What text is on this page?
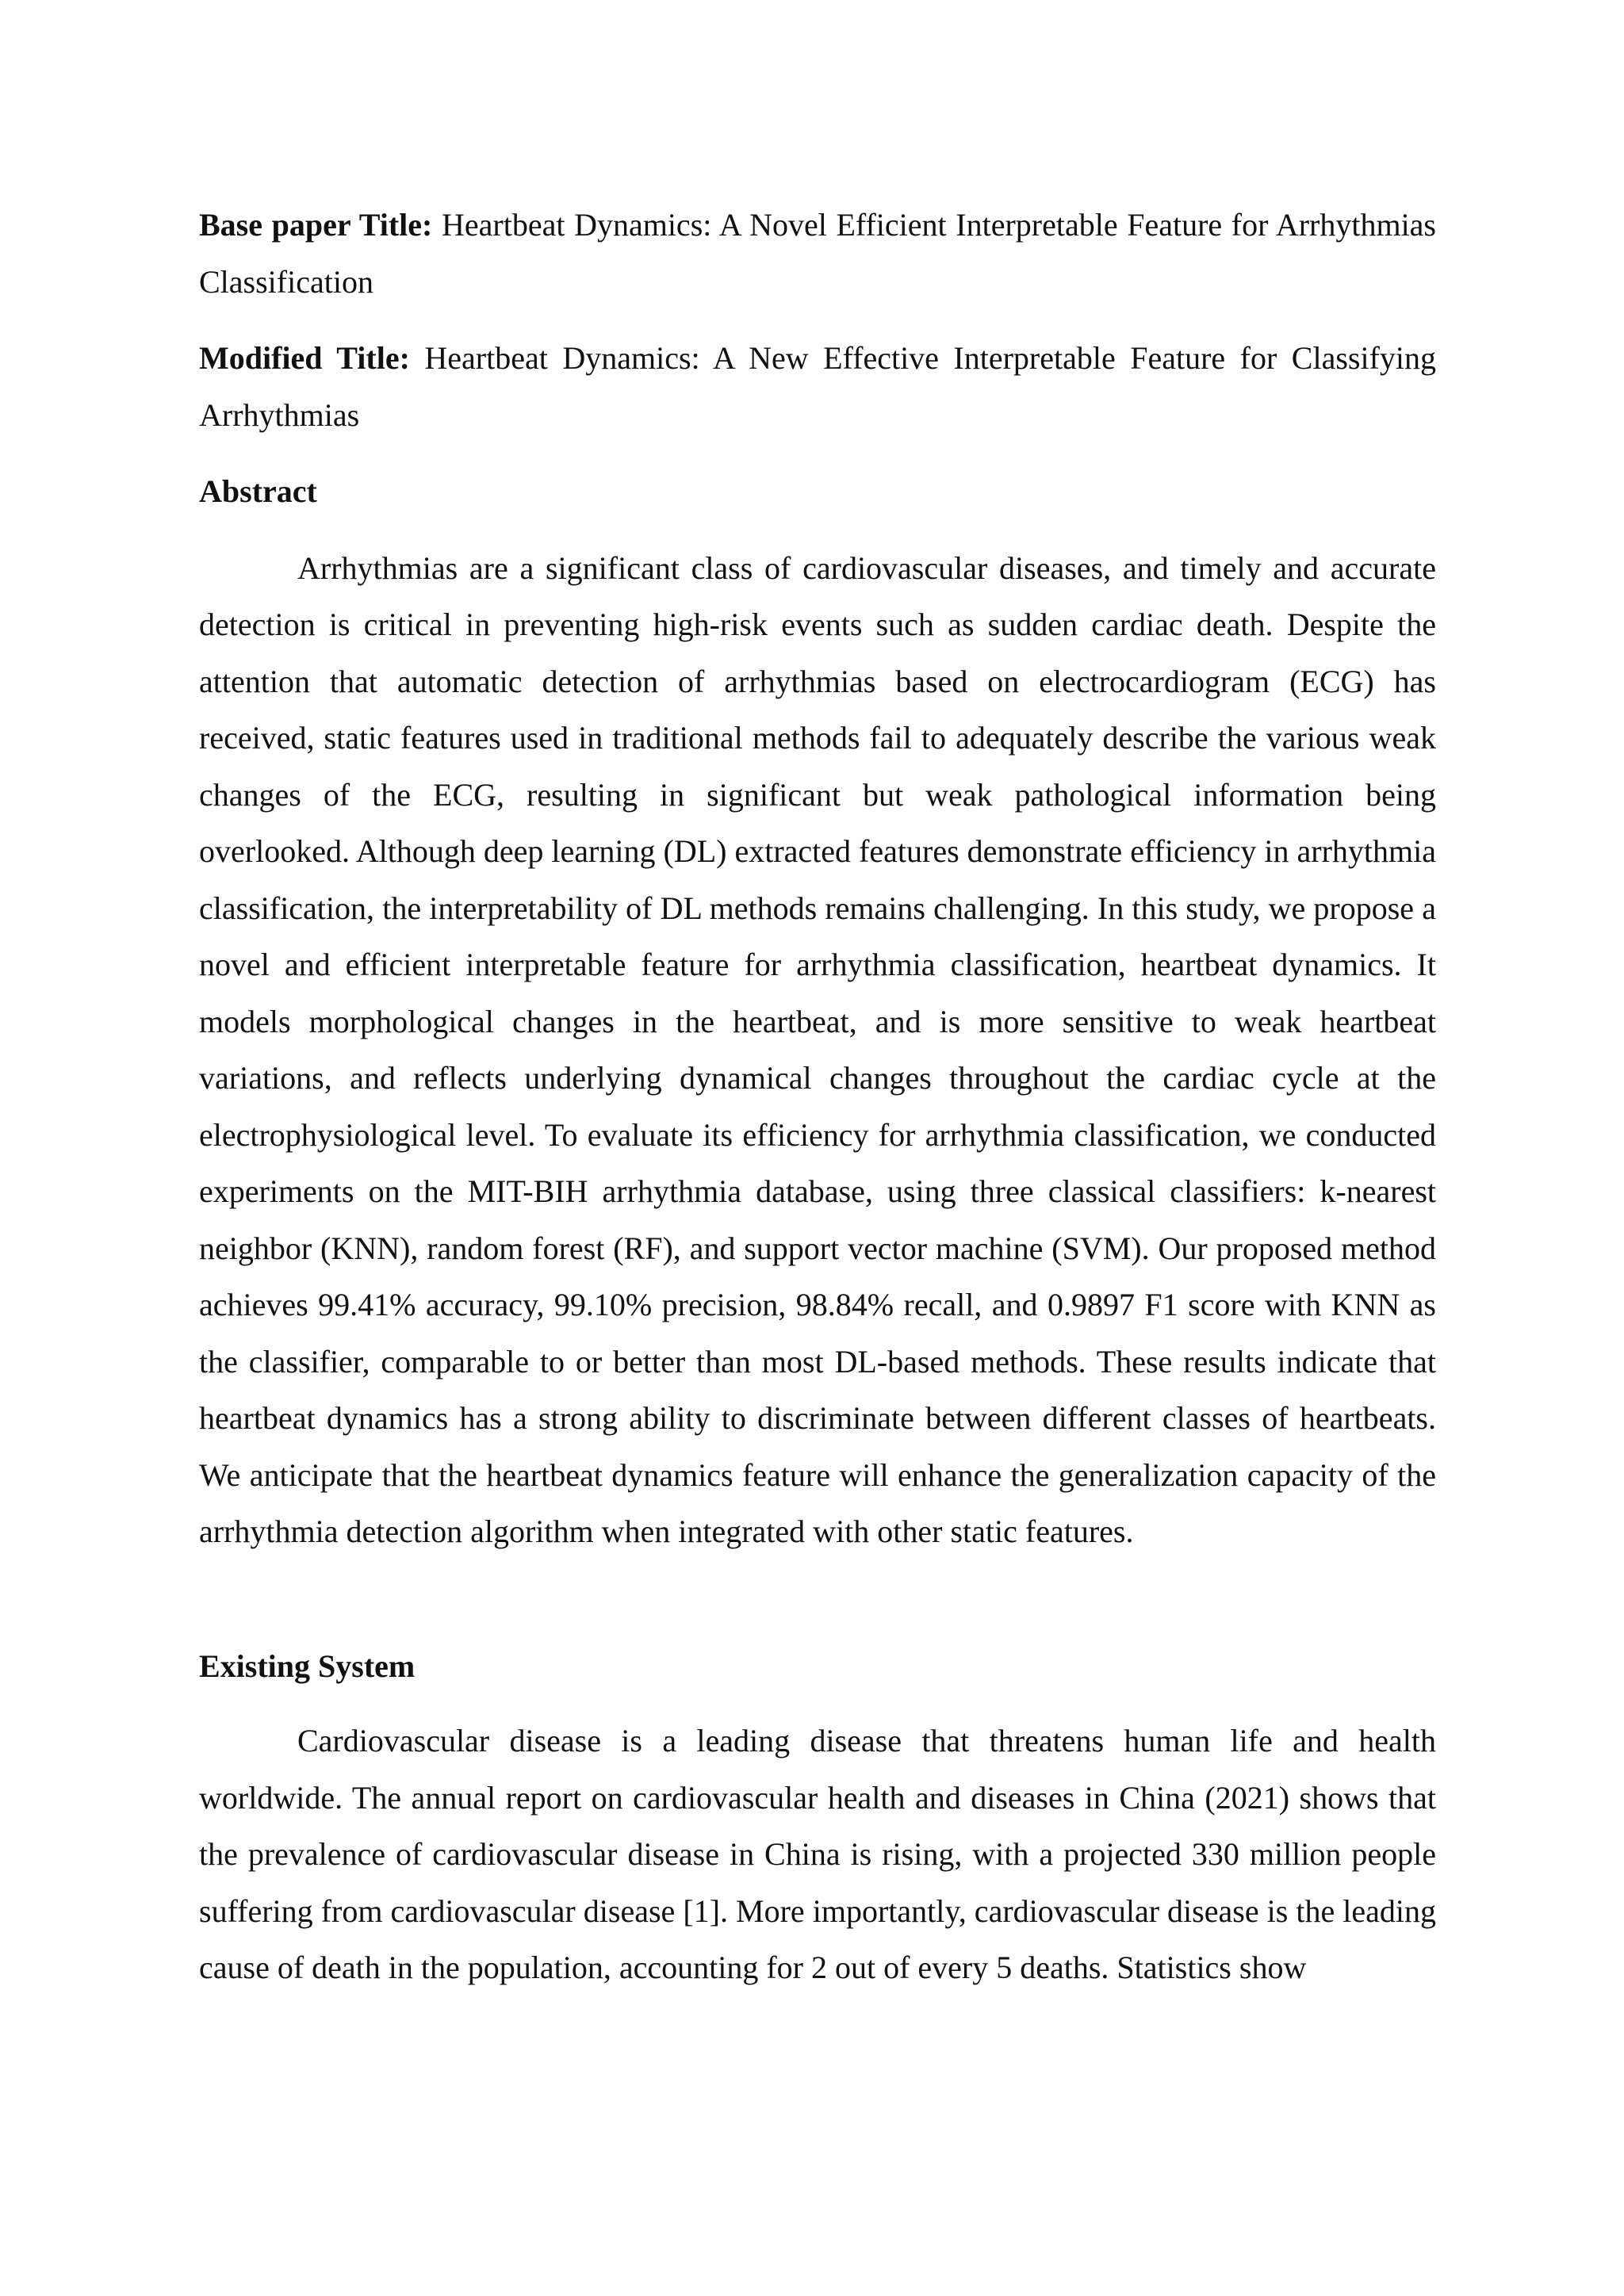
Base paper Title: Heartbeat Dynamics: A Novel Efficient Interpretable Feature for Arrhythmias Classification

Modified Title: Heartbeat Dynamics: A New Effective Interpretable Feature for Classifying Arrhythmias

Abstract

Arrhythmias are a significant class of cardiovascular diseases, and timely and accurate detection is critical in preventing high-risk events such as sudden cardiac death. Despite the attention that automatic detection of arrhythmias based on electrocardiogram (ECG) has received, static features used in traditional methods fail to adequately describe the various weak changes of the ECG, resulting in significant but weak pathological information being overlooked. Although deep learning (DL) extracted features demonstrate efficiency in arrhythmia classification, the interpretability of DL methods remains challenging. In this study, we propose a novel and efficient interpretable feature for arrhythmia classification, heartbeat dynamics. It models morphological changes in the heartbeat, and is more sensitive to weak heartbeat variations, and reflects underlying dynamical changes throughout the cardiac cycle at the electrophysiological level. To evaluate its efficiency for arrhythmia classification, we conducted experiments on the MIT-BIH arrhythmia database, using three classical classifiers: k-nearest neighbor (KNN), random forest (RF), and support vector machine (SVM). Our proposed method achieves 99.41% accuracy, 99.10% precision, 98.84% recall, and 0.9897 F1 score with KNN as the classifier, comparable to or better than most DL-based methods. These results indicate that heartbeat dynamics has a strong ability to discriminate between different classes of heartbeats. We anticipate that the heartbeat dynamics feature will enhance the generalization capacity of the arrhythmia detection algorithm when integrated with other static features.

Existing System

Cardiovascular disease is a leading disease that threatens human life and health worldwide. The annual report on cardiovascular health and diseases in China (2021) shows that the prevalence of cardiovascular disease in China is rising, with a projected 330 million people suffering from cardiovascular disease [1]. More importantly, cardiovascular disease is the leading cause of death in the population, accounting for 2 out of every 5 deaths. Statistics show
